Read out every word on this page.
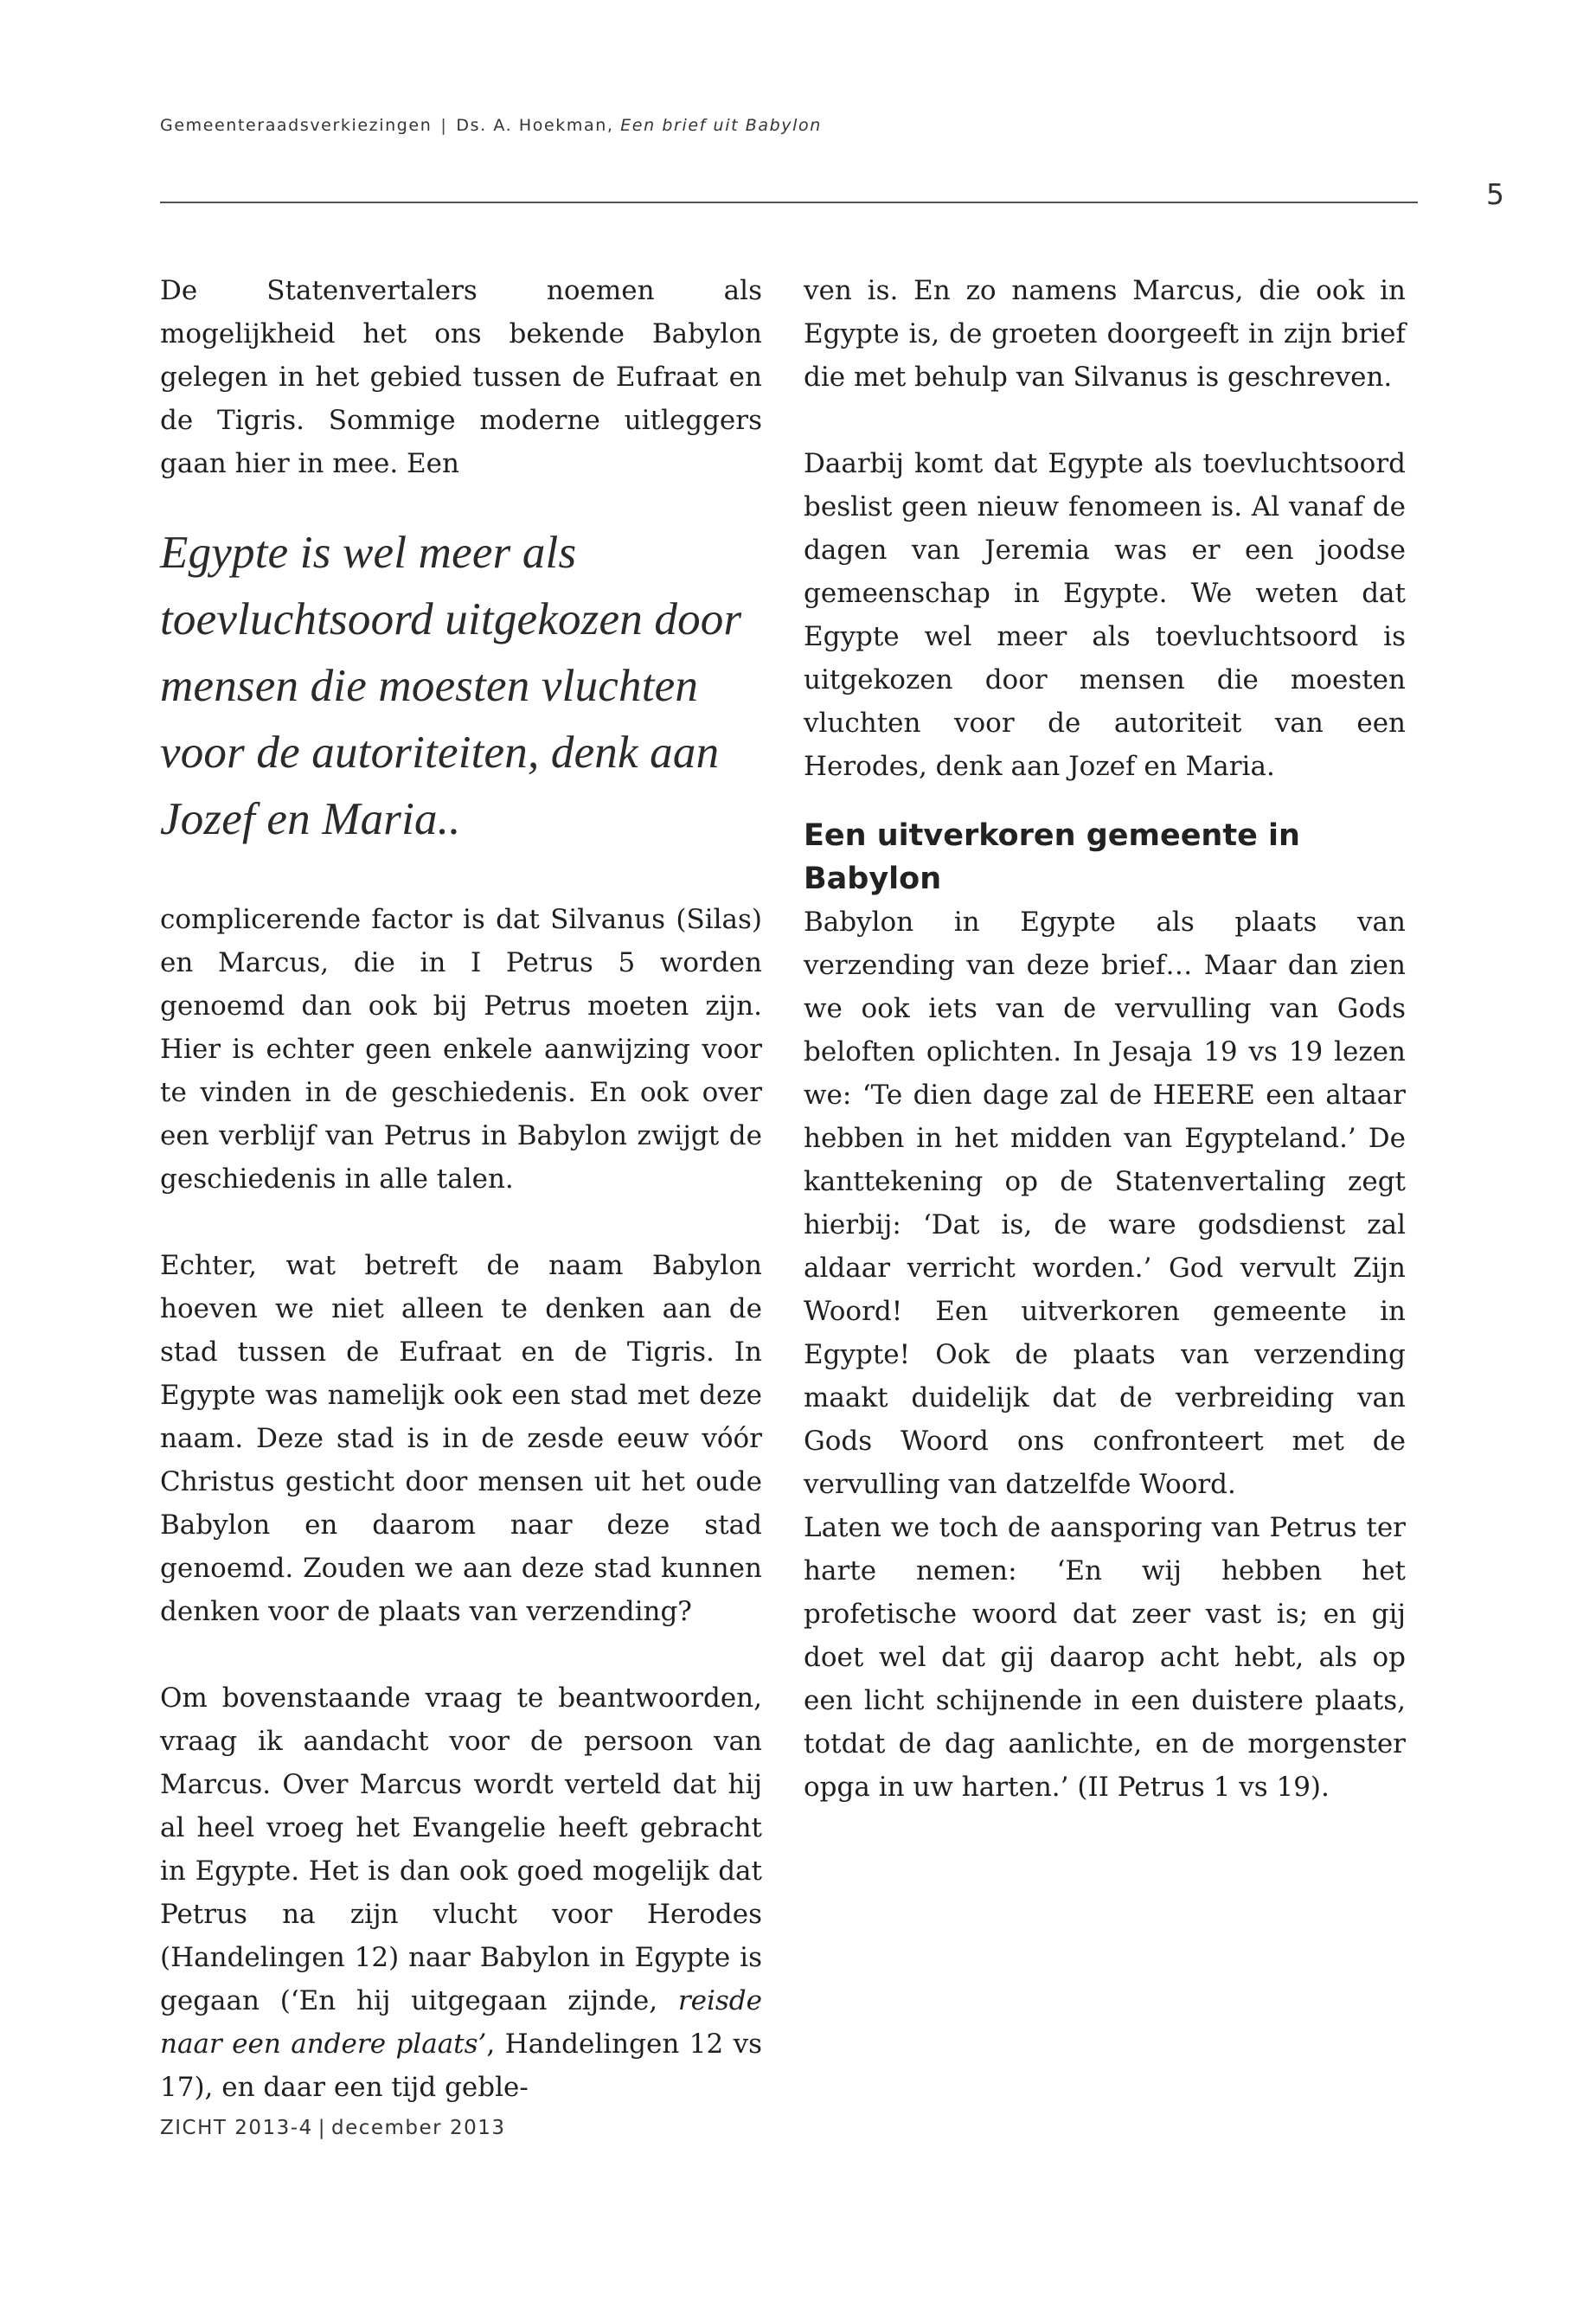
Gemeenteraadsverkiezingen | Ds. A. Hoekman, Een brief uit Babylon
5

De Statenvertalers noemen als mogelijkheid het ons bekende Babylon gelegen in het gebied tussen de Eufraat en de Tigris. Sommige moderne uitleggers gaan hier in mee. Een

Egypte is wel meer als toevluchtsoord uitgekozen door mensen die moesten vluchten voor de autoriteiten, denk aan Jozef en Maria..

complicerende factor is dat Silvanus (Silas) en Marcus, die in I Petrus 5 worden genoemd dan ook bij Petrus moeten zijn. Hier is echter geen enkele aanwijzing voor te vinden in de geschiedenis. En ook over een verblijf van Petrus in Babylon zwijgt de geschiedenis in alle talen.

Echter, wat betreft de naam Babylon hoeven we niet alleen te denken aan de stad tussen de Eufraat en de Tigris. In Egypte was namelijk ook een stad met deze naam. Deze stad is in de zesde eeuw vóór Christus gesticht door mensen uit het oude Babylon en daarom naar deze stad genoemd. Zouden we aan deze stad kunnen denken voor de plaats van verzending?

Om bovenstaande vraag te beantwoorden, vraag ik aandacht voor de persoon van Marcus. Over Marcus wordt verteld dat hij al heel vroeg het Evangelie heeft gebracht in Egypte. Het is dan ook goed mogelijk dat Petrus na zijn vlucht voor Herodes (Handelingen 12) naar Babylon in Egypte is gegaan (‘En hij uitgegaan zijnde, reisde naar een andere plaats’, Handelingen 12 vs 17), en daar een tijd geble-

ven is. En zo namens Marcus, die ook in Egypte is, de groeten doorgeeft in zijn brief die met behulp van Silvanus is geschreven.

Daarbij komt dat Egypte als toevluchtsoord beslist geen nieuw fenomeen is. Al vanaf de dagen van Jeremia was er een joodse gemeenschap in Egypte. We weten dat Egypte wel meer als toevluchtsoord is uitgekozen door mensen die moesten vluchten voor de autoriteit van een Herodes, denk aan Jozef en Maria.

Een uitverkoren gemeente in Babylon

Babylon in Egypte als plaats van verzending van deze brief… Maar dan zien we ook iets van de vervulling van Gods beloften oplichten. In Jesaja 19 vs 19 lezen we: ‘Te dien dage zal de HEERE een altaar hebben in het midden van Egypteland.’ De kanttekening op de Statenvertaling zegt hierbij: ‘Dat is, de ware godsdienst zal aldaar verricht worden.’ God vervult Zijn Woord! Een uitverkoren gemeente in Egypte! Ook de plaats van verzending maakt duidelijk dat de verbreiding van Gods Woord ons confronteert met de vervulling van datzelfde Woord.

Laten we toch de aansporing van Petrus ter harte nemen: ‘En wij hebben het profetische woord dat zeer vast is; en gij doet wel dat gij daarop acht hebt, als op een licht schijnende in een duistere plaats, totdat de dag aanlichte, en de morgenster opga in uw harten.’ (II Petrus 1 vs 19).

ZICHT 2013-4 | december 2013
